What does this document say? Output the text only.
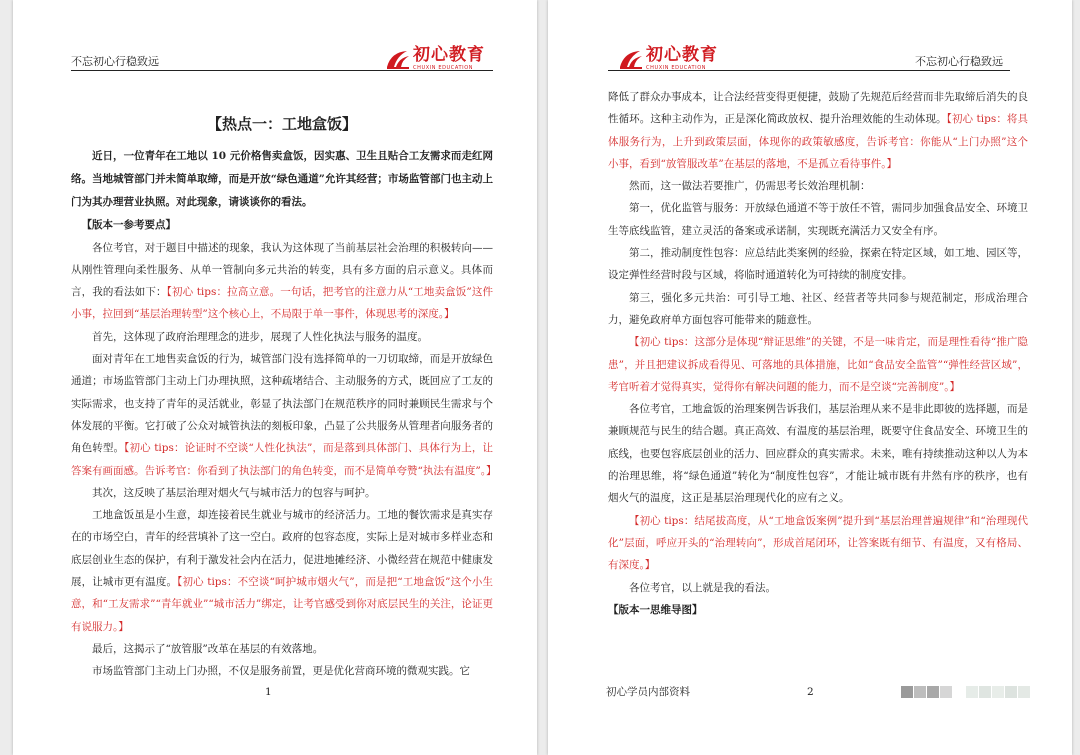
不忘初心行稳致远	初心教育
CHUXIN EDUCATION

【热点一：工地盒饭】

近日，一位青年在工地以 10 元价格售卖盒饭，因实惠、卫生且贴合工友需求而走红网络。当地城管部门并未简单取缔，而是开放“绿色通道”允许其经营；市场监管部门也主动上门为其办理营业执照。对此现象，请谈谈你的看法。

【版本一参考要点】

各位考官，对于题目中描述的现象，我认为这体现了当前基层社会治理的积极转向——从刚性管理向柔性服务、从单一管制向多元共治的转变，具有多方面的启示意义。具体而言，我的看法如下：【初心 tips：拉高立意。一句话，把考官的注意力从“工地卖盒饭”这件小事，拉回到“基层治理转型”这个核心上，不局限于单一事件，体现思考的深度。】

首先，这体现了政府治理理念的进步，展现了人性化执法与服务的温度。

面对青年在工地售卖盒饭的行为，城管部门没有选择简单的一刀切取缔，而是开放绿色通道；市场监管部门主动上门办理执照，这种疏堵结合、主动服务的方式，既回应了工友的实际需求，也支持了青年的灵活就业，彰显了执法部门在规范秩序的同时兼顾民生需求与个体发展的平衡。它打破了公众对城管执法的刻板印象，凸显了公共服务从管理者向服务者的角色转型。【初心 tips：论证时不空谈“人性化执法”，而是落到具体部门、具体行为上，让答案有画面感。告诉考官：你看到了执法部门的角色转变，而不是简单夸赞“执法有温度”。】

其次，这反映了基层治理对烟火气与城市活力的包容与呵护。

工地盒饭虽是小生意，却连接着民生就业与城市的经济活力。工地的餐饮需求是真实存在的市场空白，青年的经营填补了这一空白。政府的包容态度，实际上是对城市多样业态和底层创业生态的保护，有利于激发社会内在活力，促进地摊经济、小微经营在规范中健康发展，让城市更有温度。【初心 tips：不空谈“呵护城市烟火气”，而是把“工地盒饭”这个小生意，和“工友需求”“青年就业”“城市活力”绑定，让考官感受到你对底层民生的关注，论证更有说服力。】

最后，这揭示了“放管服”改革在基层的有效落地。

市场监管部门主动上门办照，不仅是服务前置，更是优化营商环境的微观实践。它

1
初心教育
CHUXIN EDUCATION	不忘初心行稳致远

降低了群众办事成本，让合法经营变得更便捷，鼓励了先规范后经营而非先取缔后消失的良性循环。这种主动作为，正是深化简政放权、提升治理效能的生动体现。【初心 tips：将具体服务行为，上升到政策层面，体现你的政策敏感度，告诉考官：你能从“上门办照”这个小事，看到“放管服改革”在基层的落地，不是孤立看待事件。】

然而，这一做法若要推广，仍需思考长效治理机制：

第一，优化监管与服务：开放绿色通道不等于放任不管，需同步加强食品安全、环境卫生等底线监管，建立灵活的备案或承诺制，实现既充满活力又安全有序。

第二，推动制度性包容：应总结此类案例的经验，探索在特定区域，如工地、园区等，设定弹性经营时段与区域，将临时通道转化为可持续的制度安排。

第三，强化多元共治：可引导工地、社区、经营者等共同参与规范制定，形成治理合力，避免政府单方面包容可能带来的随意性。

【初心 tips：这部分是体现“辩证思维”的关键，不是一味肯定，而是理性看待“推广隐患”，并且把建议拆成看得见、可落地的具体措施，比如“食品安全监管”“弹性经营区域”，考官听着才觉得真实，觉得你有解决问题的能力，而不是空谈“完善制度”。】

各位考官，工地盒饭的治理案例告诉我们，基层治理从来不是非此即彼的选择题，而是兼顾规范与民生的结合题。真正高效、有温度的基层治理，既要守住食品安全、环境卫生的底线，也要包容底层创业的活力、回应群众的真实需求。未来，唯有持续推动这种以人为本的治理思维，将“绿色通道”转化为“制度性包容”，才能让城市既有井然有序的秩序，也有烟火气的温度，这正是基层治理现代化的应有之义。

【初心 tips：结尾拔高度，从“工地盒饭案例”提升到“基层治理普遍规律”和“治理现代化”层面，呼应开头的“治理转向”，形成首尾闭环，让答案既有细节、有温度，又有格局、有深度。】

各位考官，以上就是我的看法。

【版本一思维导图】

初心学员内部资料	2
